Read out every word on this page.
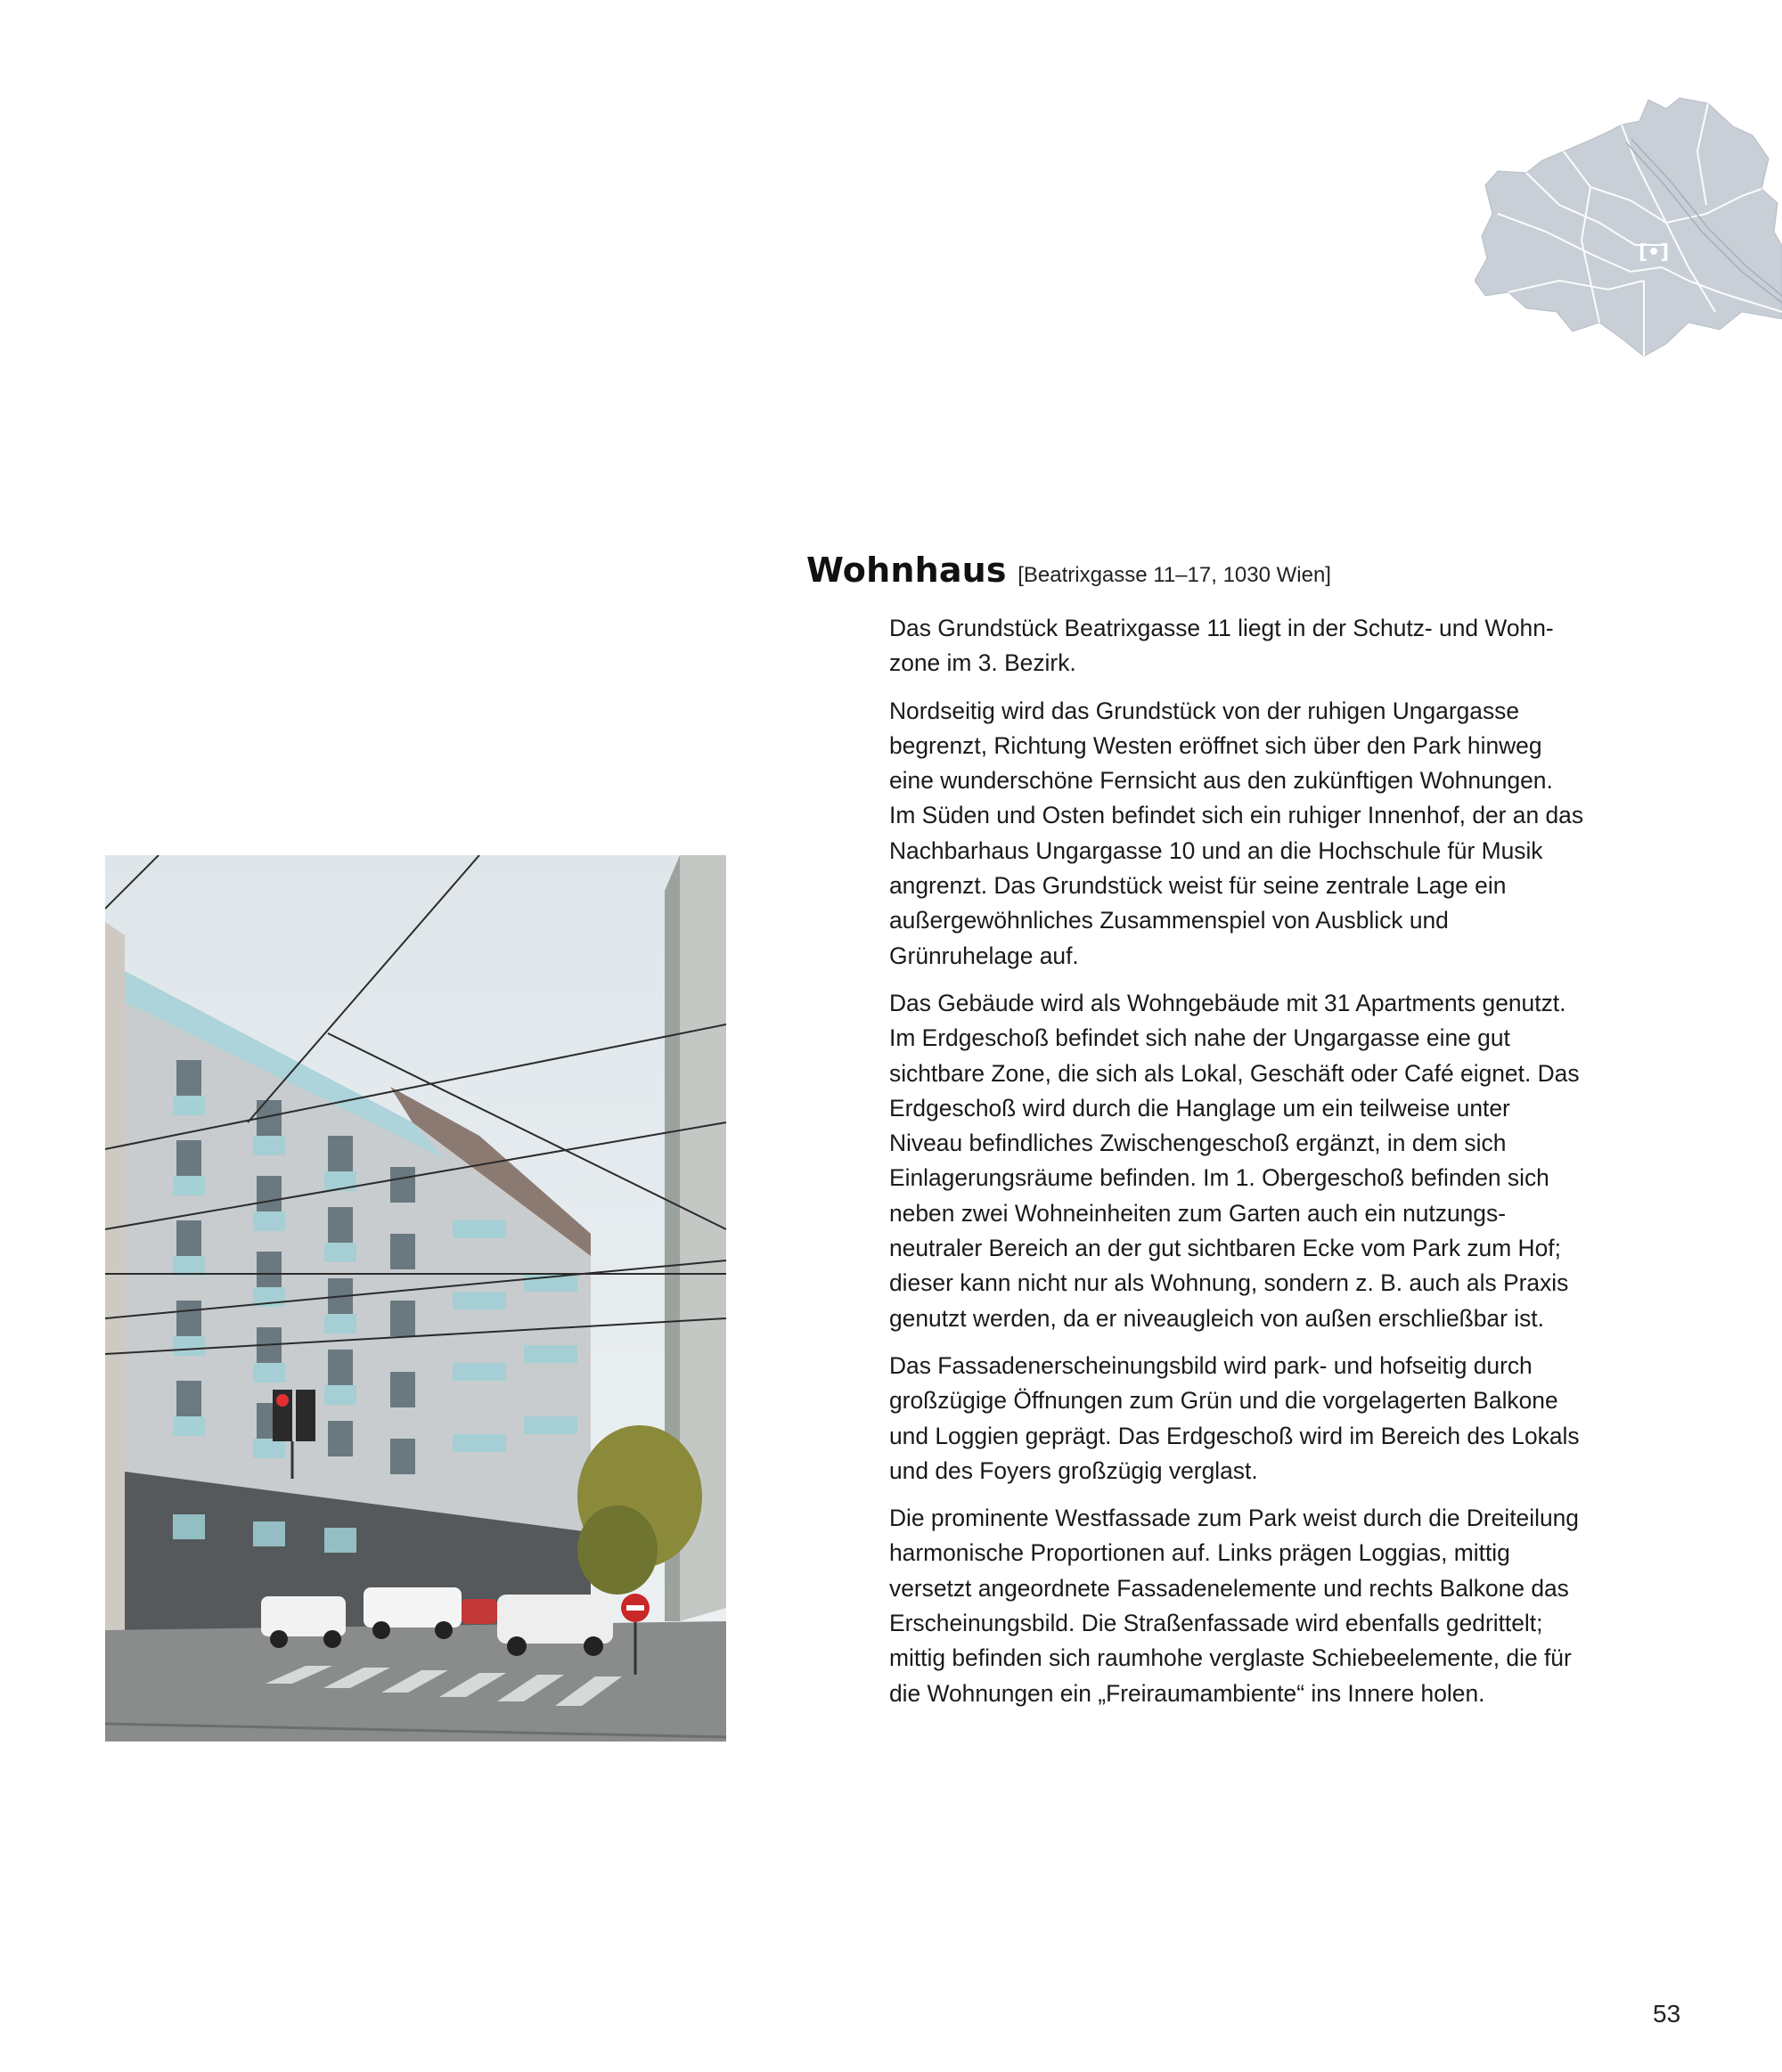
[•]
Wohnhaus [Beatrixgasse 11–17, 1030 Wien]

Das Grundstück Beatrixgasse 11 liegt in der Schutz- und Wohnzone im 3. Bezirk.

Nordseitig wird das Grundstück von der ruhigen Ungargasse begrenzt, Richtung Westen eröffnet sich über den Park hinweg eine wunderschöne Fernsicht aus den zukünftigen Wohnungen. Im Süden und Osten befindet sich ein ruhiger Innenhof, der an das Nachbarhaus Ungargasse 10 und an die Hochschule für Musik angrenzt. Das Grundstück weist für seine zentrale Lage ein außergewöhnliches Zusammenspiel von Ausblick und Grünruhelage auf.

Das Gebäude wird als Wohngebäude mit 31 Apartments genutzt. Im Erdgeschoß befindet sich nahe der Ungargasse eine gut sichtbare Zone, die sich als Lokal, Geschäft oder Café eignet. Das Erdgeschoß wird durch die Hanglage um ein teilweise unter Niveau befindliches Zwischengeschoß ergänzt, in dem sich Einlagerungsräume befinden. Im 1. Obergeschoß befinden sich neben zwei Wohneinheiten zum Garten auch ein nutzungsneutraler Bereich an der gut sichtbaren Ecke vom Park zum Hof; dieser kann nicht nur als Wohnung, sondern z. B. auch als Praxis genutzt werden, da er niveaugleich von außen erschließbar ist.

Das Fassadenerscheinungsbild wird park- und hofseitig durch großzügige Öffnungen zum Grün und die vorgelagerten Balkone und Loggien geprägt. Das Erdgeschoß wird im Bereich des Lokals und des Foyers großzügig verglast.

Die prominente Westfassade zum Park weist durch die Dreiteilung harmonische Proportionen auf. Links prägen Loggias, mittig versetzt angeordnete Fassadenelemente und rechts Balkone das Erscheinungsbild. Die Straßenfassade wird ebenfalls gedrittelt; mittig befinden sich raumhohe verglaste Schiebeelemente, die für die Wohnungen ein „Freiraumambiente“ ins Innere holen.

53
